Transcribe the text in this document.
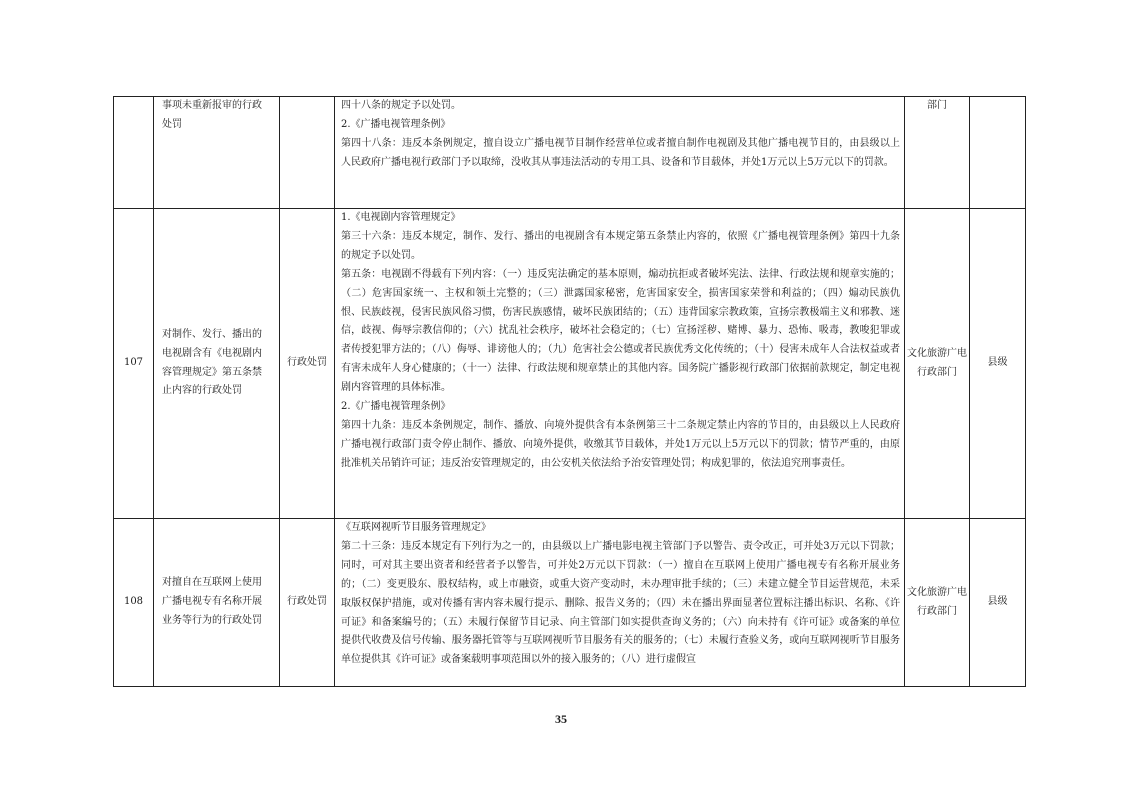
	事项未重新报审的行政处罚		四十八条的规定予以处罚。
2.《广播电视管理条例》
第四十八条：违反本条例规定，擅自设立广播电视节目制作经营单位或者擅自制作电视剧及其他广播电视节目的，由县级以上人民政府广播电视行政部门予以取缔，没收其从事违法活动的专用工具、设备和节目载体，并处1万元以上5万元以下的罚款。	部门	
107	对制作、发行、播出的电视剧含有《电视剧内容管理规定》第五条禁止内容的行政处罚	行政处罚	1.《电视剧内容管理规定》
第三十六条：违反本规定，制作、发行、播出的电视剧含有本规定第五条禁止内容的，依照《广播电视管理条例》第四十九条的规定予以处罚。
第五条：电视剧不得载有下列内容：（一）违反宪法确定的基本原则，煽动抗拒或者破坏宪法、法律、行政法规和规章实施的；（二）危害国家统一、主权和领土完整的；（三）泄露国家秘密，危害国家安全，损害国家荣誉和利益的；（四）煽动民族仇恨、民族歧视，侵害民族风俗习惯，伤害民族感情，破坏民族团结的；（五）违背国家宗教政策，宣扬宗教极端主义和邪教、迷信，歧视、侮辱宗教信仰的；（六）扰乱社会秩序，破坏社会稳定的；（七）宣扬淫秽、赌博、暴力、恐怖、吸毒，教唆犯罪或者传授犯罪方法的；（八）侮辱、诽谤他人的；（九）危害社会公德或者民族优秀文化传统的；（十）侵害未成年人合法权益或者有害未成年人身心健康的；（十一）法律、行政法规和规章禁止的其他内容。国务院广播影视行政部门依据前款规定，制定电视剧内容管理的具体标准。
2.《广播电视管理条例》
第四十九条：违反本条例规定，制作、播放、向境外提供含有本条例第三十二条规定禁止内容的节目的，由县级以上人民政府广播电视行政部门责令停止制作、播放、向境外提供，收缴其节目载体，并处1万元以上5万元以下的罚款；情节严重的，由原批准机关吊销许可证；违反治安管理规定的，由公安机关依法给予治安管理处罚；构成犯罪的，依法追究刑事责任。	文化旅游广电行政部门	县级
108	对擅自在互联网上使用广播电视专有名称开展业务等行为的行政处罚	行政处罚	《互联网视听节目服务管理规定》
第二十三条：违反本规定有下列行为之一的，由县级以上广播电影电视主管部门予以警告、责令改正，可并处3万元以下罚款；同时，可对其主要出资者和经营者予以警告，可并处2万元以下罚款：（一）擅自在互联网上使用广播电视专有名称开展业务的；（二）变更股东、股权结构，或上市融资，或重大资产变动时，未办理审批手续的；（三）未建立健全节目运营规范，未采取版权保护措施，或对传播有害内容未履行提示、删除、报告义务的；（四）未在播出界面显著位置标注播出标识、名称、《许可证》和备案编号的；（五）未履行保留节目记录、向主管部门如实提供查询义务的；（六）向未持有《许可证》或备案的单位提供代收费及信号传输、服务器托管等与互联网视听节目服务有关的服务的；（七）未履行查验义务，或向互联网视听节目服务单位提供其《许可证》或备案载明事项范围以外的接入服务的；（八）进行虚假宣	文化旅游广电行政部门	县级
35
